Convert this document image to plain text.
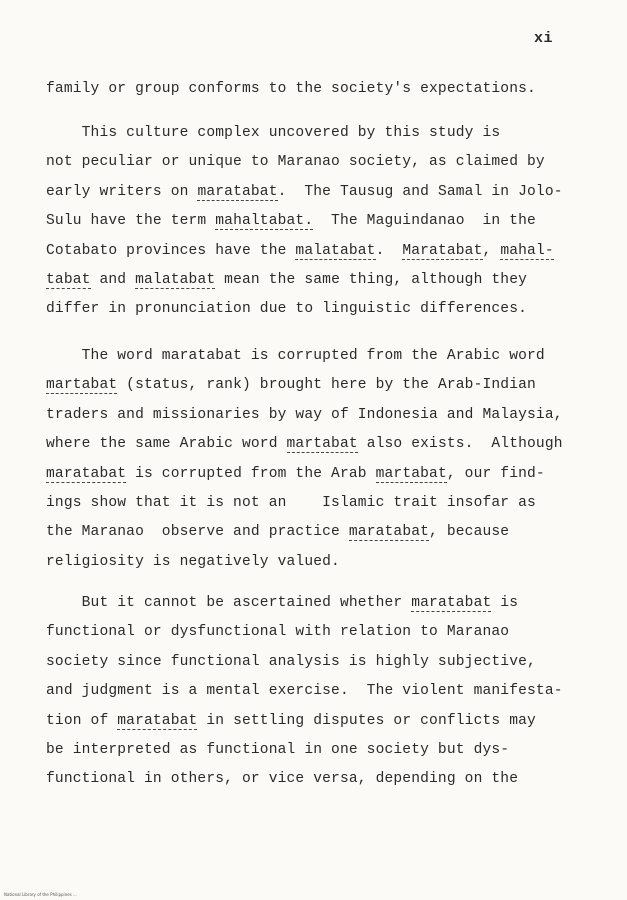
xi
family or group conforms to the society's expectations.
This culture complex uncovered by this study is
not peculiar or unique to Maranao society, as claimed by
early writers on maratabat.  The Tausug and Samal in Jolo-
Sulu have the term mahaltabat.  The Maguindanao  in the
Cotabato provinces have the malatabat.  Maratabat, mahal-
tabat and malatabat mean the same thing, although they
differ in pronunciation due to linguistic differences.
The word maratabat is corrupted from the Arabic word
martabat (status, rank) brought here by the Arab-Indian
traders and missionaries by way of Indonesia and Malaysia,
where the same Arabic word martabat also exists.  Although
maratabat is corrupted from the Arab martabat, our find-
ings show that it is not an    Islamic trait insofar as
the Maranao  observe and practice maratabat, because
religiosity is negatively valued.
But it cannot be ascertained whether maratabat is
functional or dysfunctional with relation to Maranao
society since functional analysis is highly subjective,
and judgment is a mental exercise.  The violent manifesta-
tion of maratabat in settling disputes or conflicts may
be interpreted as functional in one society but dys-
functional in others, or vice versa, depending on the
National Library of the Philippines ...
